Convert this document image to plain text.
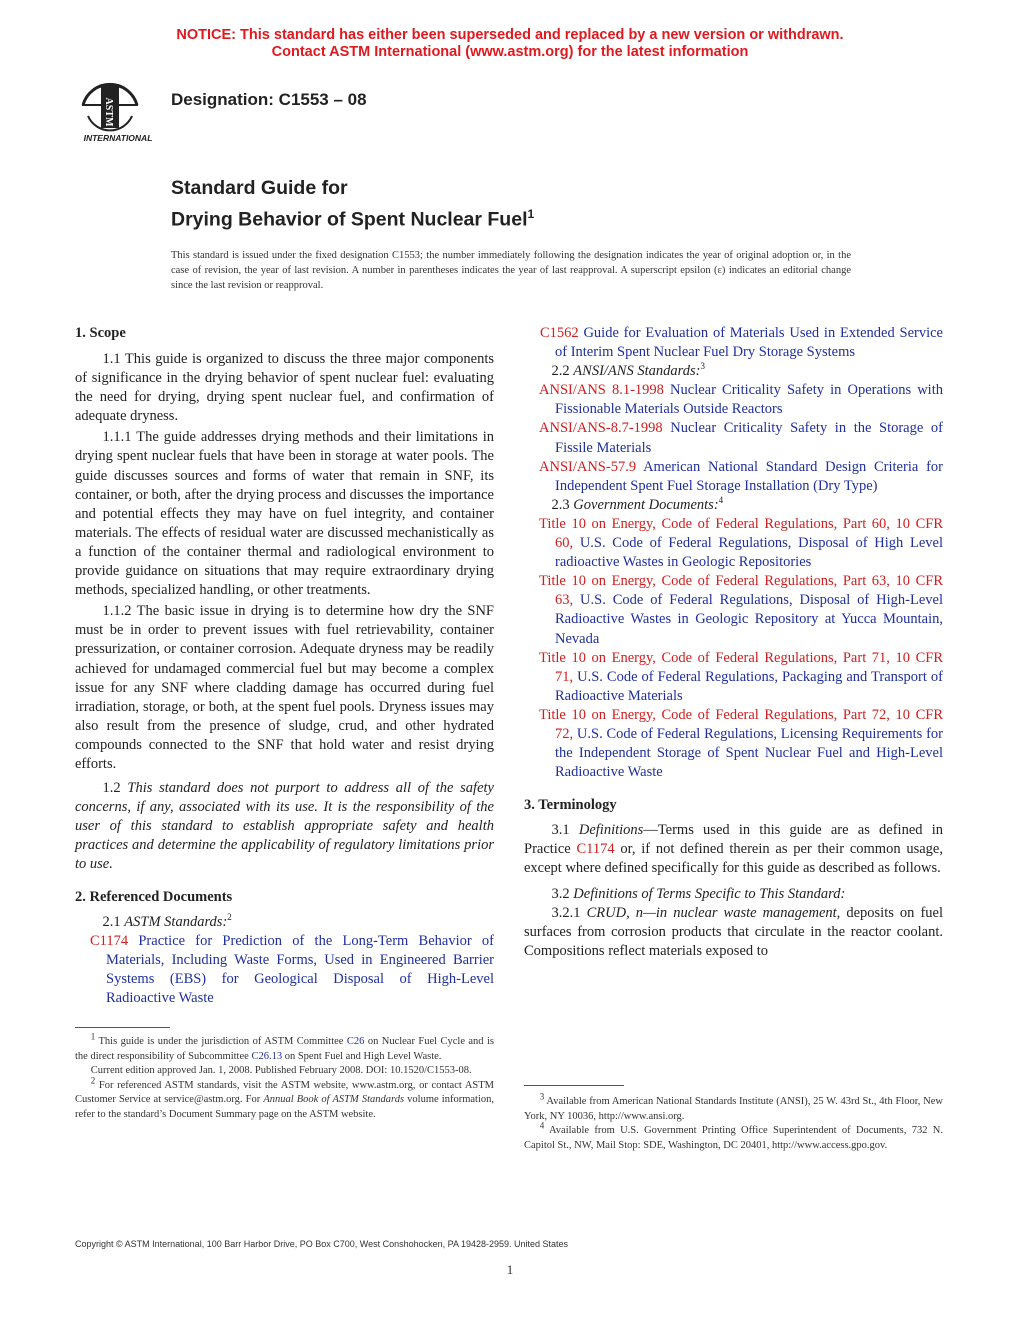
NOTICE: This standard has either been superseded and replaced by a new version or withdrawn.
Contact ASTM International (www.astm.org) for the latest information
ASTM
INTERNATIONAL
Designation: C1553 – 08
Standard Guide for
Drying Behavior of Spent Nuclear Fuel$^1$
This standard is issued under the fixed designation C1553; the number immediately following the designation indicates the year of original adoption or, in the case of revision, the year of last revision. A number in parentheses indicates the year of last reapproval. A superscript epsilon (ε) indicates an editorial change since the last revision or reapproval.
1. Scope

1.1 This guide is organized to discuss the three major components of significance in the drying behavior of spent nuclear fuel: evaluating the need for drying, drying spent nuclear fuel, and confirmation of adequate dryness.

1.1.1 The guide addresses drying methods and their limitations in drying spent nuclear fuels that have been in storage at water pools. The guide discusses sources and forms of water that remain in SNF, its container, or both, after the drying process and discusses the importance and potential effects they may have on fuel integrity, and container materials. The effects of residual water are discussed mechanistically as a function of the container thermal and radiological environment to provide guidance on situations that may require extraordinary drying methods, specialized handling, or other treatments.

1.1.2 The basic issue in drying is to determine how dry the SNF must be in order to prevent issues with fuel retrievability, container pressurization, or container corrosion. Adequate dryness may be readily achieved for undamaged commercial fuel but may become a complex issue for any SNF where cladding damage has occurred during fuel irradiation, storage, or both, at the spent fuel pools. Dryness issues may also result from the presence of sludge, crud, and other hydrated compounds connected to the SNF that hold water and resist drying efforts.

1.2 This standard does not purport to address all of the safety concerns, if any, associated with its use. It is the responsibility of the user of this standard to establish appropriate safety and health practices and determine the applicability of regulatory limitations prior to use.

2. Referenced Documents

2.1 ASTM Standards:$^2$

C1174 Practice for Prediction of the Long-Term Behavior of Materials, Including Waste Forms, Used in Engineered Barrier Systems (EBS) for Geological Disposal of High-Level Radioactive Waste

1 This guide is under the jurisdiction of ASTM Committee C26 on Nuclear Fuel Cycle and is the direct responsibility of Subcommittee C26.13 on Spent Fuel and High Level Waste.

Current edition approved Jan. 1, 2008. Published February 2008. DOI: 10.1520/C1553-08.

2 For referenced ASTM standards, visit the ASTM website, www.astm.org, or contact ASTM Customer Service at service@astm.org. For Annual Book of ASTM Standards volume information, refer to the standard’s Document Summary page on the ASTM website.

C1562 Guide for Evaluation of Materials Used in Extended Service of Interim Spent Nuclear Fuel Dry Storage Systems

2.2 ANSI/ANS Standards:$^3$

ANSI/ANS 8.1-1998 Nuclear Criticality Safety in Operations with Fissionable Materials Outside Reactors

ANSI/ANS-8.7-1998 Nuclear Criticality Safety in the Storage of Fissile Materials

ANSI/ANS-57.9 American National Standard Design Criteria for Independent Spent Fuel Storage Installation (Dry Type)

2.3 Government Documents:$^4$

Title 10 on Energy, Code of Federal Regulations, Part 60, 10 CFR 60, U.S. Code of Federal Regulations, Disposal of High Level radioactive Wastes in Geologic Repositories

Title 10 on Energy, Code of Federal Regulations, Part 63, 10 CFR 63, U.S. Code of Federal Regulations, Disposal of High-Level Radioactive Wastes in Geologic Repository at Yucca Mountain, Nevada

Title 10 on Energy, Code of Federal Regulations, Part 71, 10 CFR 71, U.S. Code of Federal Regulations, Packaging and Transport of Radioactive Materials

Title 10 on Energy, Code of Federal Regulations, Part 72, 10 CFR 72, U.S. Code of Federal Regulations, Licensing Requirements for the Independent Storage of Spent Nuclear Fuel and High-Level Radioactive Waste

3. Terminology

3.1 Definitions—Terms used in this guide are as defined in Practice C1174 or, if not defined therein as per their common usage, except where defined specifically for this guide as described as follows.

3.2 Definitions of Terms Specific to This Standard:

3.2.1 CRUD, n—in nuclear waste management, deposits on fuel surfaces from corrosion products that circulate in the reactor coolant. Compositions reflect materials exposed to

3 Available from American National Standards Institute (ANSI), 25 W. 43rd St., 4th Floor, New York, NY 10036, http://www.ansi.org.

4 Available from U.S. Government Printing Office Superintendent of Documents, 732 N. Capitol St., NW, Mail Stop: SDE, Washington, DC 20401, http://www.access.gpo.gov.

Copyright © ASTM International, 100 Barr Harbor Drive, PO Box C700, West Conshohocken, PA 19428-2959. United States
1
